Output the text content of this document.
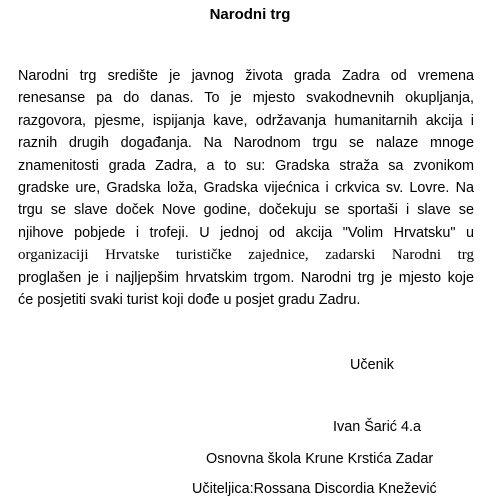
Narodni trg
Narodni trg središte je javnog života grada Zadra od vremena
renesanse pa do danas. To je mjesto svakodnevnih okupljanja,
razgovora, pjesme, ispijanja kave, održavanja humanitarnih akcija i
raznih drugih događanja. Na Narodnom trgu se nalaze mnoge
znamenitosti grada Zadra, a to su: Gradska straža sa zvonikom
gradske ure, Gradska loža, Gradska vijećnica i crkvica sv. Lovre. Na
trgu se slave doček Nove godine, dočekuju se sportaši i slave se
njihove pobjede i trofeji. U jednoj od akcija "Volim Hrvatsku" u
organizaciji Hrvatske turističke zajednice, zadarski Narodni trg
proglašen je i najljepšim hrvatskim trgom. Narodni trg je mjesto koje
će posjetiti svaki turist koji dođe u posjet gradu Zadru.
Učenik
Ivan Šarić 4.a
Osnovna škola Krune Krstića Zadar
Učiteljica:Rossana Discordia Knežević
